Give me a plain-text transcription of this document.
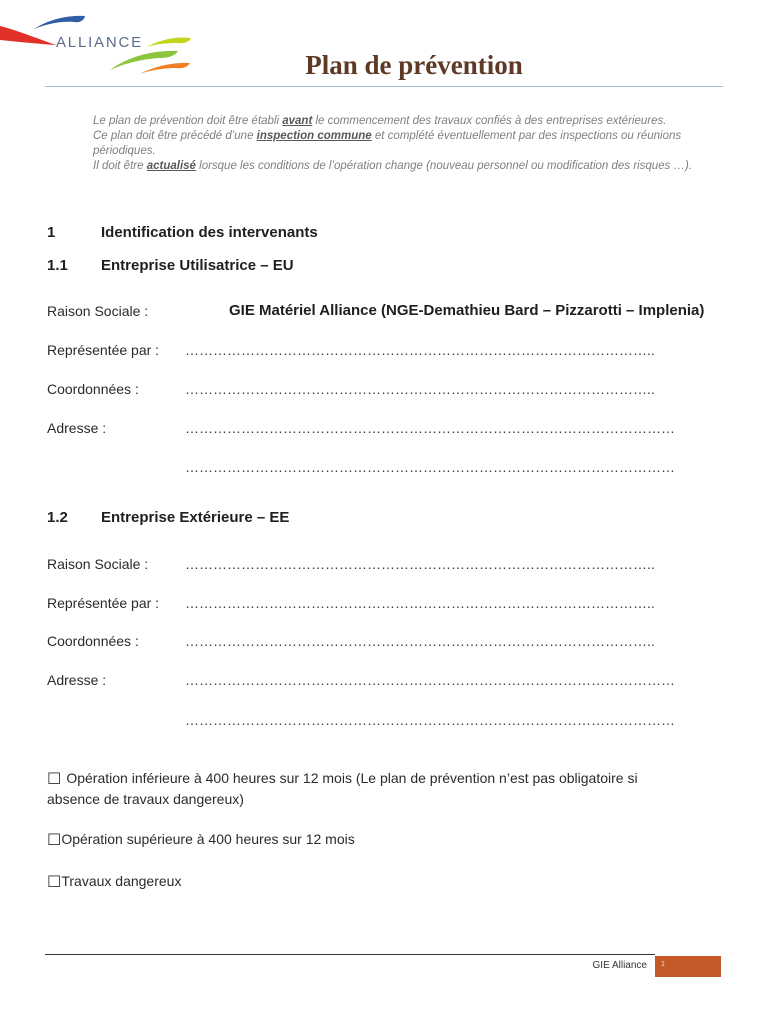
ALLIANCE
Plan de prévention
Le plan de prévention doit être établi avant le commencement des travaux confiés à des entreprises extérieures.
Ce plan doit être précédé d’une inspection commune et complété éventuellement par des inspections ou réunions
périodiques.
Il doit être actualisé lorsque les conditions de l’opération change (nouveau personnel ou modification des risques …).
1	Identification des intervenants
1.1 Entreprise Utilisatrice – EU
Raison Sociale :	GIE Matériel Alliance (NGE-Demathieu Bard – Pizzarotti – Implenia)
Représentée par : ………………………………………………………………………………………..
Coordonnées :	………………………………………………………………………………………..
Adresse :	……………………………………………………………………………………………
……………………………………………………………………………………………
1.2 Entreprise Extérieure – EE
Raison Sociale :	………………………………………………………………………………………..
Représentée par : ………………………………………………………………………………………..
Coordonnées :	………………………………………………………………………………………..
Adresse :	……………………………………………………………………………………………
……………………………………………………………………………………………
☐ Opération inférieure à 400 heures sur 12 mois (Le plan de prévention n’est pas obligatoire si
absence de travaux dangereux)
☐Opération supérieure à 400 heures sur 12 mois
☐Travaux dangereux
GIE Alliance 1
